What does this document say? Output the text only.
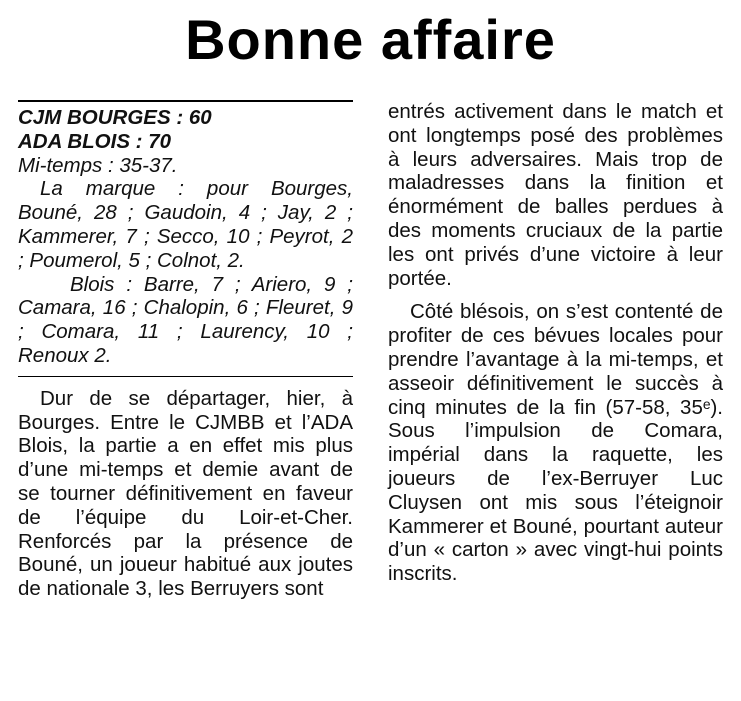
Bonne affaire

CJM BOURGES : 60

ADA BLOIS : 70

Mi-temps : 35-37.

La marque : pour Bourges, Bouné, 28 ; Gaudoin, 4 ; Jay, 2 ; Kammerer, 7 ; Secco, 10 ; Peyrot, 2 ; Poumerol, 5 ; Colnot, 2.

Blois : Barre, 7 ; Ariero, 9 ; Camara, 16 ; Chalopin, 6 ; Fleuret, 9 ; Comara, 11 ; Laurency, 10 ; Renoux 2.

Dur de se départager, hier, à Bourges. Entre le CJMBB et l’ADA Blois, la partie a en effet mis plus d’une mi-temps et demie avant de se tourner définitivement en faveur de l’équipe du Loir-et-Cher. Renforcés par la présence de Bouné, un joueur habitué aux joutes de nationale 3, les Berruyers sont

entrés activement dans le match et ont longtemps posé des problèmes à leurs adversaires. Mais trop de maladresses dans la finition et énormément de balles perdues à des moments cruciaux de la partie les ont privés d’une victoire à leur portée.

Côté blésois, on s’est contenté de profiter de ces bévues locales pour prendre l’avantage à la mi-temps, et asseoir définitivement le succès à cinq minutes de la fin (57-58, 35ᵉ). Sous l’impulsion de Comara, impérial dans la raquette, les joueurs de l’ex-Berruyer Luc Cluysen ont mis sous l’éteignoir Kammerer et Bouné, pourtant auteur d’un « carton » avec vingt-hui points inscrits.
